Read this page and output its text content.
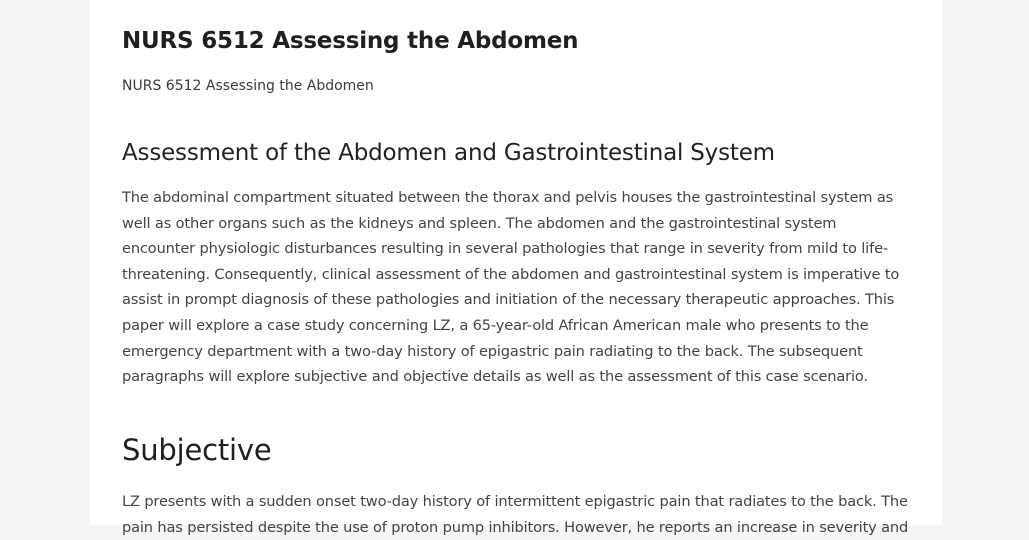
NURS 6512 Assessing the Abdomen

NURS 6512 Assessing the Abdomen

Assessment of the Abdomen and Gastrointestinal System

The abdominal compartment situated between the thorax and pelvis houses the gastrointestinal system as well as other organs such as the kidneys and spleen. The abdomen and the gastrointestinal system encounter physiologic disturbances resulting in several pathologies that range in severity from mild to life-threatening. Consequently, clinical assessment of the abdomen and gastrointestinal system is imperative to assist in prompt diagnosis of these pathologies and initiation of the necessary therapeutic approaches. This paper will explore a case study concerning LZ, a 65-year-old African American male who presents to the emergency department with a two-day history of epigastric pain radiating to the back. The subsequent paragraphs will explore subjective and objective details as well as the assessment of this case scenario.

Subjective

LZ presents with a sudden onset two-day history of intermittent epigastric pain that radiates to the back. The pain has persisted despite the use of proton pump inhibitors. However, he reports an increase in severity and
